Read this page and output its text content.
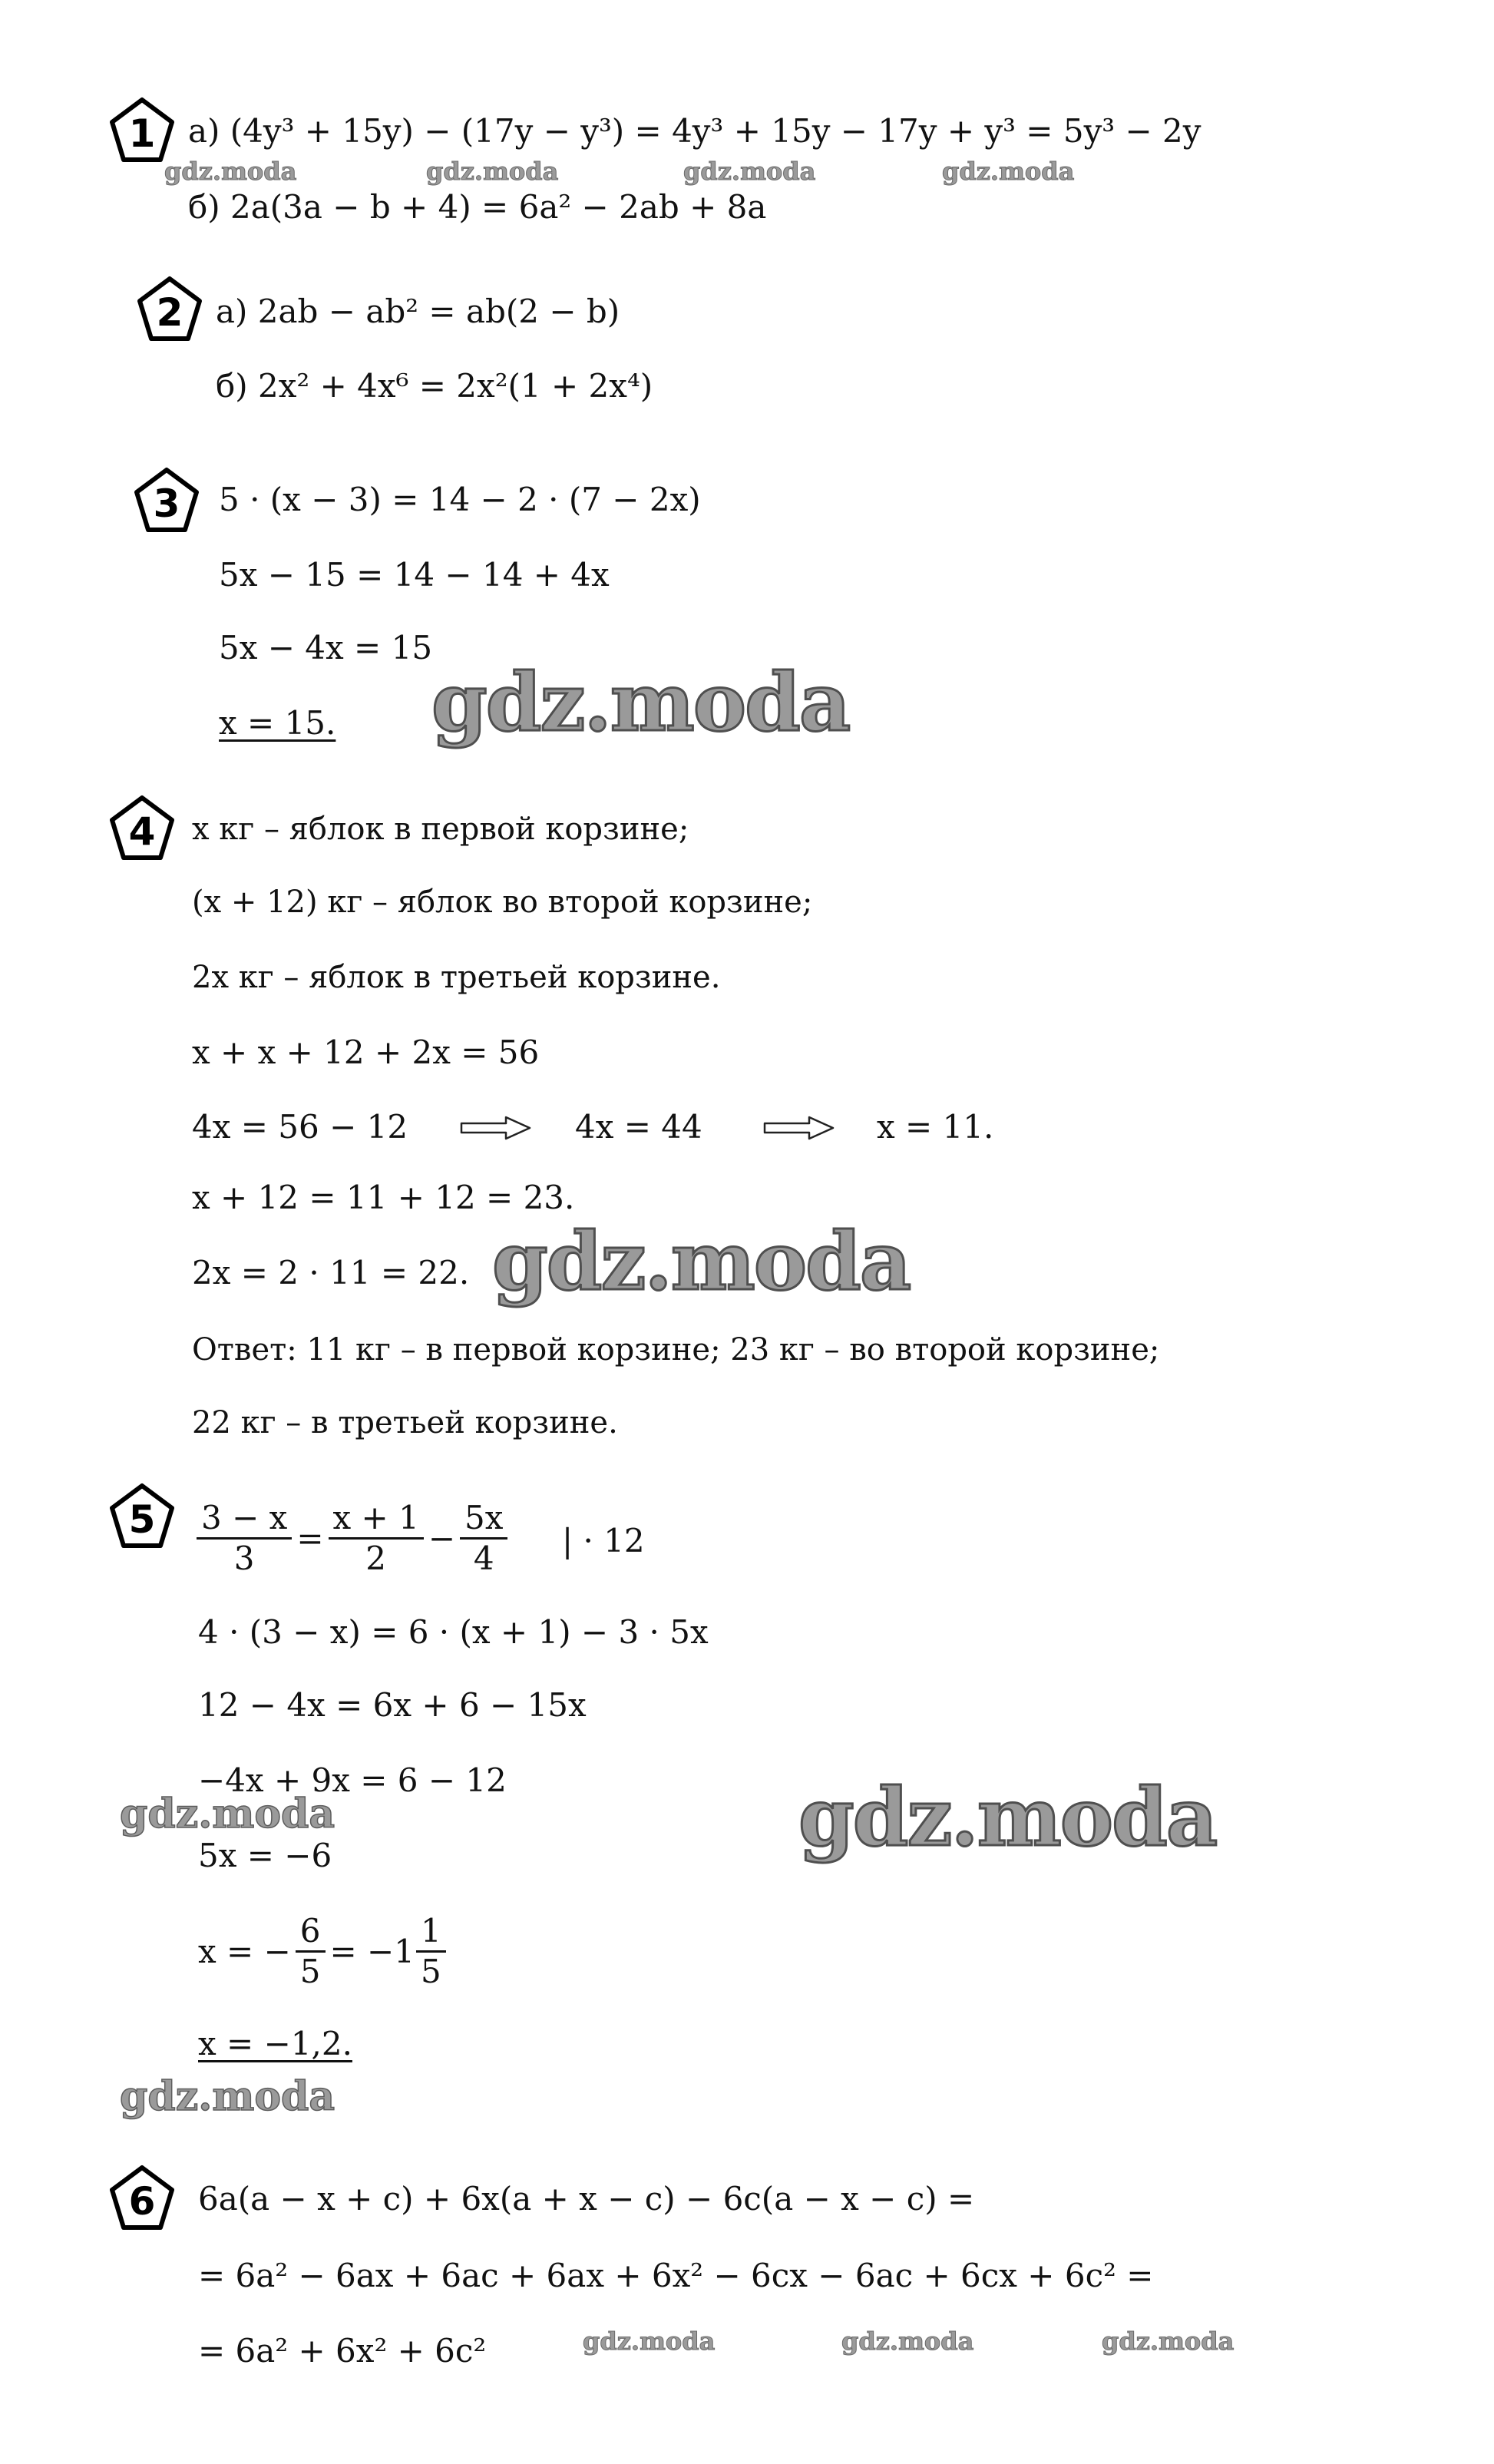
1	а) (4y³ + 15y) − (17y − y³) = 4y³ + 15y − 17y + y³ = 5y³ − 2y
gdz.moda	gdz.moda	gdz.moda	gdz.moda
б) 2a(3a − b + 4) = 6a² − 2ab + 8a
2	а) 2ab − ab² = ab(2 − b)
б) 2x² + 4x⁶ = 2x²(1 + 2x⁴)
3	5 · (x − 3) = 14 − 2 · (7 − 2x)
5x − 15 = 14 − 14 + 4x
5x − 4x = 15
x = 15. gdz.moda
4	x кг – яблок в первой корзине;
(x + 12) кг – яблок во второй корзине;
2x кг – яблок в третьей корзине.
x + x + 12 + 2x = 56
4x = 56 − 12	4x = 44	x = 11.
x + 12 = 11 + 12 = 23.
2x = 2 · 11 = 22. gdz.moda
Ответ: 11 кг – в первой корзине; 23 кг – во второй корзине;
22 кг – в третьей корзине.
5	$\frac{3 - x}{3} = \frac{x + 1}{2} - \frac{5x}{4}$ | · 12
4 · (3 − x) = 6 · (x + 1) − 3 · 5x
12 − 4x = 6x + 6 − 15x
−4x + 9x = 6 − 12
gdz.moda	gdz.moda
5x = −6
x = − $\frac{6}{5} = -1 \frac{1}{5}$
x = −1,2.
gdz.moda
6	6a(a − x + c) + 6x(a + x − c) − 6c(a − x − c) =
= 6a² − 6ax + 6ac + 6ax + 6x² − 6cx − 6ac + 6cx + 6c² =
= 6a² + 6x² + 6c²	gdz.moda	gdz.moda	gdz.moda
